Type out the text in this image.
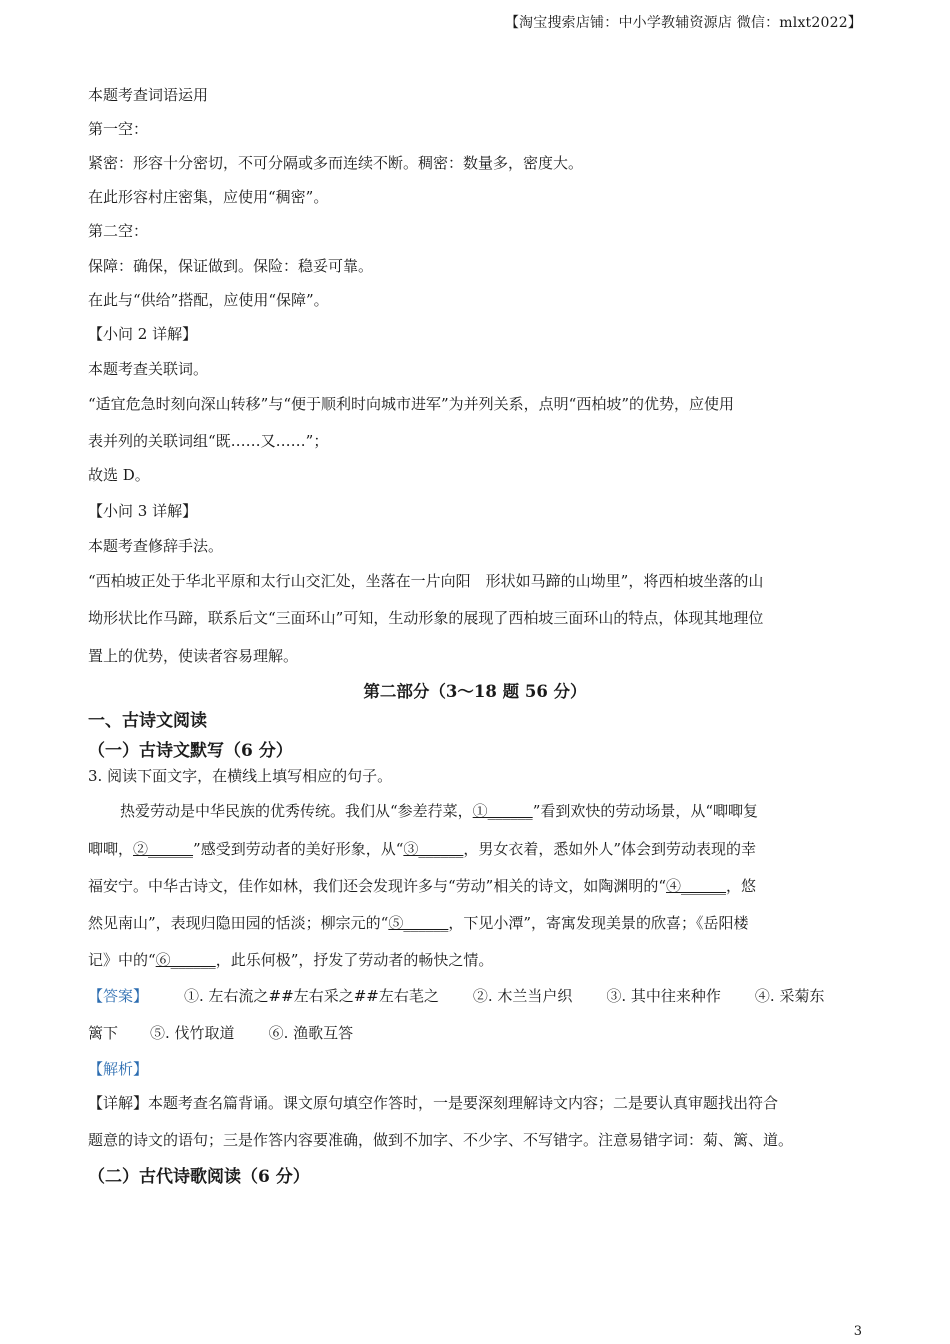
【淘宝搜索店铺：中小学教辅资源店 微信：mlxt2022】
本题考查词语运用
第一空：
紧密：形容十分密切，不可分隔或多而连续不断。稠密：数量多，密度大。
在此形容村庄密集，应使用“稠密”。
第二空：
保障：确保，保证做到。保险：稳妥可靠。
在此与“供给”搭配，应使用“保障”。
【小问 2 详解】
本题考查关联词。
“适宜危急时刻向深山转移”与“便于顺利时向城市进军”为并列关系，点明“西柏坡”的优势，应使用
表并列的关联词组“既……又……”；
故选 D。
【小问 3 详解】
本题考查修辞手法。
“西柏坡正处于华北平原和太行山交汇处，坐落在一片向阳　形状如马蹄的山坳里”，将西柏坡坐落的山
坳形状比作马蹄，联系后文“三面环山”可知，生动形象的展现了西柏坡三面环山的特点，体现其地理位
置上的优势，使读者容易理解。
第二部分（3～18 题 56 分）
一、古诗文阅读
（一）古诗文默写（6 分）
3. 阅读下面文字，在横线上填写相应的句子。
热爱劳动是中华民族的优秀传统。我们从“参差荇菜，①______”看到欢快的劳动场景，从“唧唧复
唧唧，②______”感受到劳动者的美好形象，从“③______，男女衣着，悉如外人”体会到劳动表现的幸
福安宁。中华古诗文，佳作如林，我们还会发现许多与“劳动”相关的诗文，如陶渊明的“④______，悠
然见南山”，表现归隐田园的恬淡；柳宗元的“⑤______，下见小潭”，寄寓发现美景的欣喜；《岳阳楼
记》中的“⑥______，此乐何极”，抒发了劳动者的畅快之情。
【答案】 ①. 左右流之##左右采之##左右芼之 ②. 木兰当户织 ③. 其中往来种作 ④. 采菊东
篱下 ⑤. 伐竹取道 ⑥. 渔歌互答
【解析】
【详解】本题考查名篇背诵。课文原句填空作答时，一是要深刻理解诗文内容；二是要认真审题找出符合
题意的诗文的语句；三是作答内容要准确，做到不加字、不少字、不写错字。注意易错字词：菊、篱、道。
（二）古代诗歌阅读（6 分）
3
